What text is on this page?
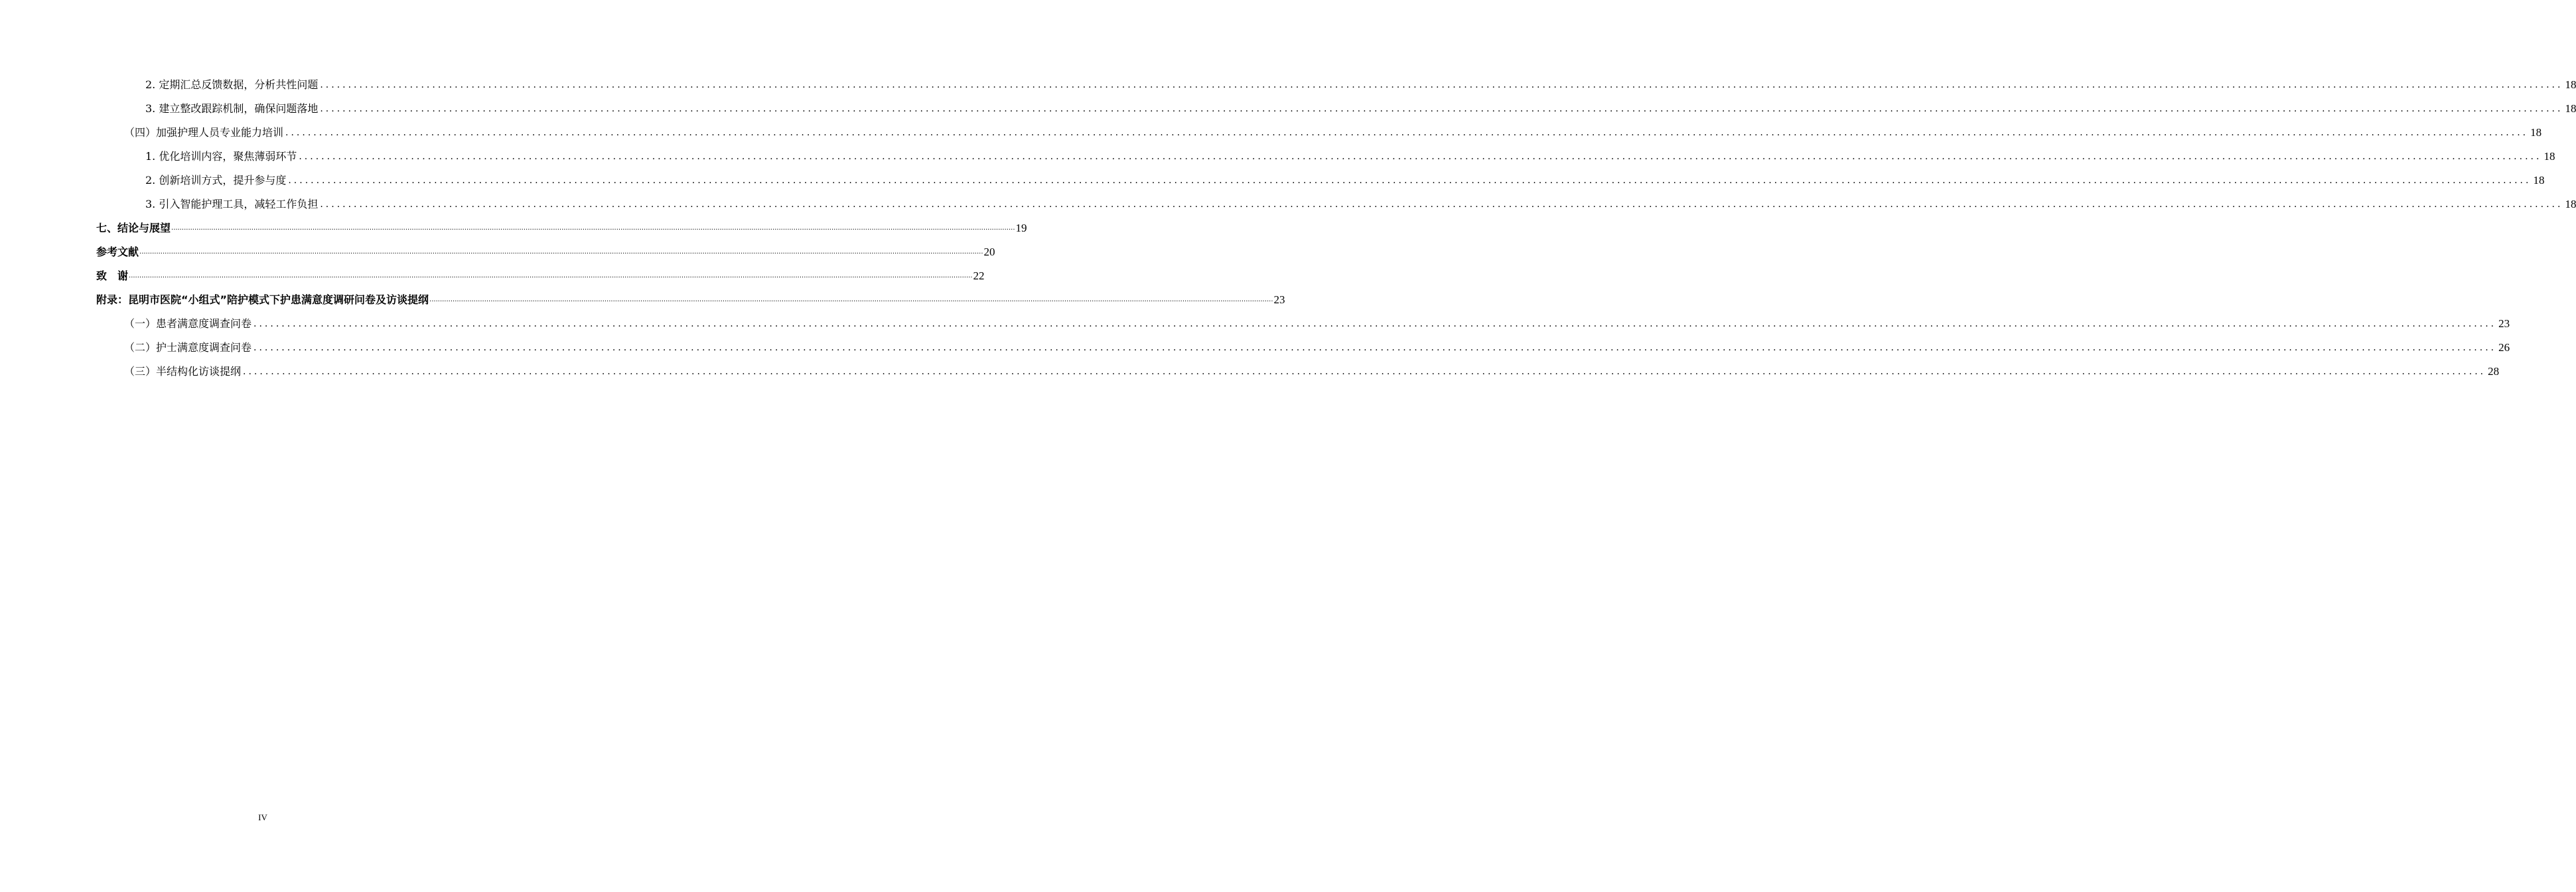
2. 定期汇总反馈数据，分析共性问题 ................................................................................................................................................................................................................................................................................................................................................................................................................ 18
3. 建立整改跟踪机制，确保问题落地 ................................................................................................................................................................................................................................................................................................................................................................................................................ 18
（四）加强护理人员专业能力培训 ................................................................................................................................................................................................................................................................................................................................................................................................................ 18
1. 优化培训内容，聚焦薄弱环节 ................................................................................................................................................................................................................................................................................................................................................................................................................ 18
2. 创新培训方式，提升参与度 ................................................................................................................................................................................................................................................................................................................................................................................................................ 18
3. 引入智能护理工具，减轻工作负担 ................................................................................................................................................................................................................................................................................................................................................................................................................ 18
七、结论与展望 ................................................................................................................................................................................................................................................................................................................................................................................................................ 19
参考文献 ................................................................................................................................................................................................................................................................................................................................................................................................................ 20
致　谢 ................................................................................................................................................................................................................................................................................................................................................................................................................ 22
附录：昆明市医院“小组式”陪护模式下护患满意度调研问卷及访谈提纲 ................................................................................................................................................................................................................................................................................................................................................................................................................ 23
（一）患者满意度调查问卷 ................................................................................................................................................................................................................................................................................................................................................................................................................ 23
（二）护士满意度调查问卷 ................................................................................................................................................................................................................................................................................................................................................................................................................ 26
（三）半结构化访谈提纲 ................................................................................................................................................................................................................................................................................................................................................................................................................ 28
IV
